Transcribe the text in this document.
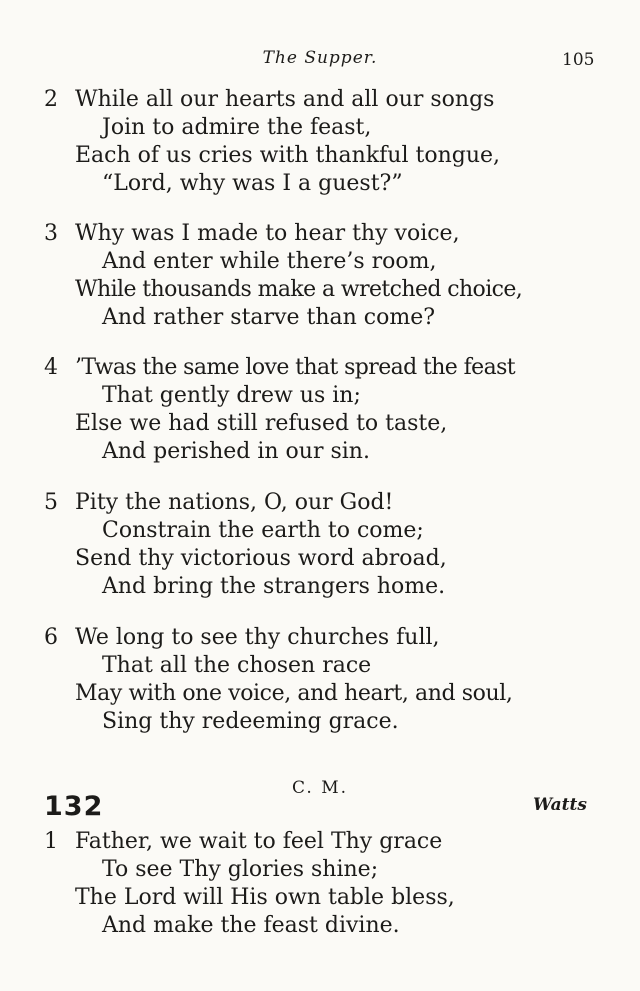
The Supper.	105
2 While all our hearts and all our songs
Join to admire the feast,
Each of us cries with thankful tongue,
“Lord, why was I a guest?”
3 Why was I made to hear thy voice,
And enter while there’s room,
While thousands make a wretched choice,
And rather starve than come?
4 ’Twas the same love that spread the feast
That gently drew us in;
Else we had still refused to taste,
And perished in our sin.
5 Pity the nations, O, our God!
Constrain the earth to come;
Send thy victorious word abroad,
And bring the strangers home.
6 We long to see thy churches full,
That all the chosen race
May with one voice, and heart, and soul,
Sing thy redeeming grace.
C. M.
132	Watts
1 Father, we wait to feel Thy grace
To see Thy glories shine;
The Lord will His own table bless,
And make the feast divine.
